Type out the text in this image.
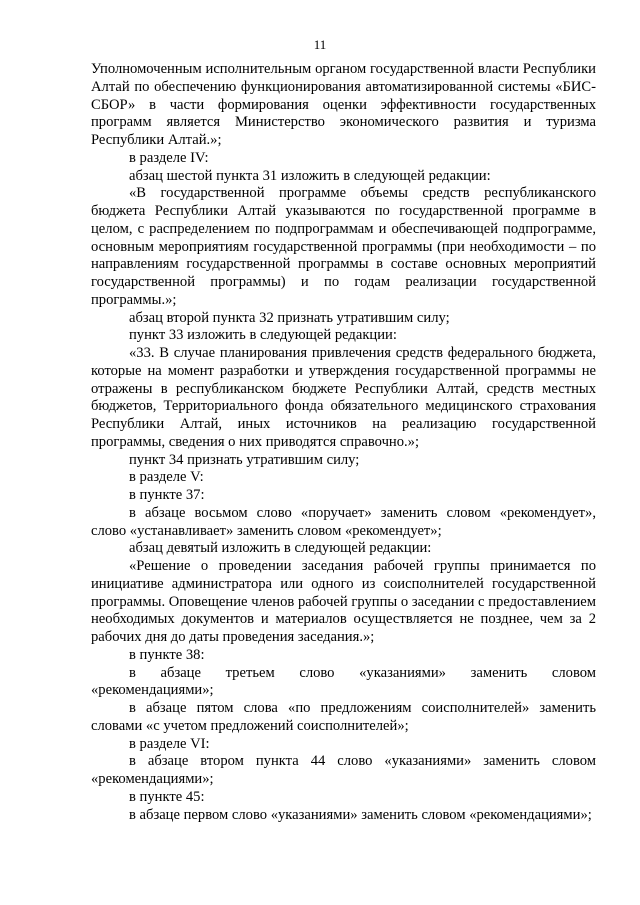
11

Уполномоченным исполнительным органом государственной власти Республики Алтай по обеспечению функционирования автоматизированной системы «БИС-СБОР» в части формирования оценки эффективности государственных программ является Министерство экономического развития и туризма Республики Алтай.»;

в разделе IV:

абзац шестой пункта 31 изложить в следующей редакции:

«В государственной программе объемы средств республиканского бюджета Республики Алтай указываются по государственной программе в целом, с распределением по подпрограммам и обеспечивающей подпрограмме, основным мероприятиям государственной программы (при необходимости – по направлениям государственной программы в составе основных мероприятий государственной программы) и по годам реализации государственной программы.»;

абзац второй пункта 32 признать утратившим силу;

пункт 33 изложить в следующей редакции:

«33. В случае планирования привлечения средств федерального бюджета, которые на момент разработки и утверждения государственной программы не отражены в республиканском бюджете Республики Алтай, средств местных бюджетов, Территориального фонда обязательного медицинского страхования Республики Алтай, иных источников на реализацию государственной программы, сведения о них приводятся справочно.»;

пункт 34 признать утратившим силу;

в разделе V:

в пункте 37:

в абзаце восьмом слово «поручает» заменить словом «рекомендует», слово «устанавливает» заменить словом «рекомендует»;

абзац девятый изложить в следующей редакции:

«Решение о проведении заседания рабочей группы принимается по инициативе администратора или одного из соисполнителей государственной программы. Оповещение членов рабочей группы о заседании с предоставлением необходимых документов и материалов осуществляется не позднее, чем за 2 рабочих дня до даты проведения заседания.»;

в пункте 38:

в абзаце третьем слово «указаниями» заменить словом «рекомендациями»;

в абзаце пятом слова «по предложениям соисполнителей» заменить словами «с учетом предложений соисполнителей»;

в разделе VI:

в абзаце втором пункта 44 слово «указаниями» заменить словом «рекомендациями»;

в пункте 45:

в абзаце первом слово «указаниями» заменить словом «рекомендациями»;
